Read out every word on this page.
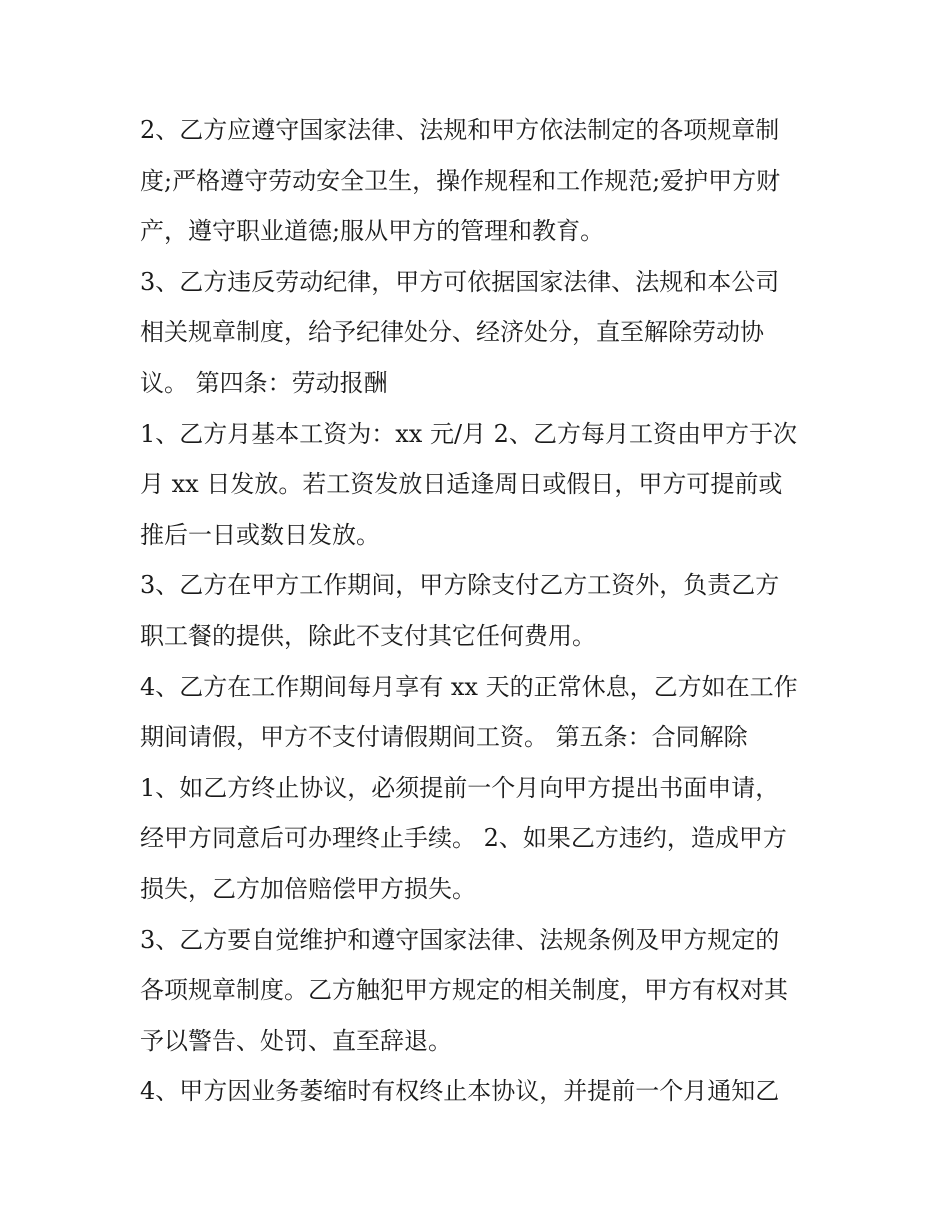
2、乙方应遵守国家法律、法规和甲方依法制定的各项规章制
度;严格遵守劳动安全卫生，操作规程和工作规范;爱护甲方财
产，遵守职业道德;服从甲方的管理和教育。
3、乙方违反劳动纪律，甲方可依据国家法律、法规和本公司
相关规章制度，给予纪律处分、经济处分，直至解除劳动协
议。 第四条：劳动报酬
1、乙方月基本工资为：xx 元/月 2、乙方每月工资由甲方于次
月 xx 日发放。若工资发放日适逢周日或假日，甲方可提前或
推后一日或数日发放。
3、乙方在甲方工作期间，甲方除支付乙方工资外，负责乙方
职工餐的提供，除此不支付其它任何费用。
4、乙方在工作期间每月享有 xx 天的正常休息，乙方如在工作
期间请假，甲方不支付请假期间工资。 第五条：合同解除
1、如乙方终止协议，必须提前一个月向甲方提出书面申请，
经甲方同意后可办理终止手续。 2、如果乙方违约，造成甲方
损失，乙方加倍赔偿甲方损失。
3、乙方要自觉维护和遵守国家法律、法规条例及甲方规定的
各项规章制度。乙方触犯甲方规定的相关制度，甲方有权对其
予以警告、处罚、直至辞退。
4、甲方因业务萎缩时有权终止本协议，并提前一个月通知乙
